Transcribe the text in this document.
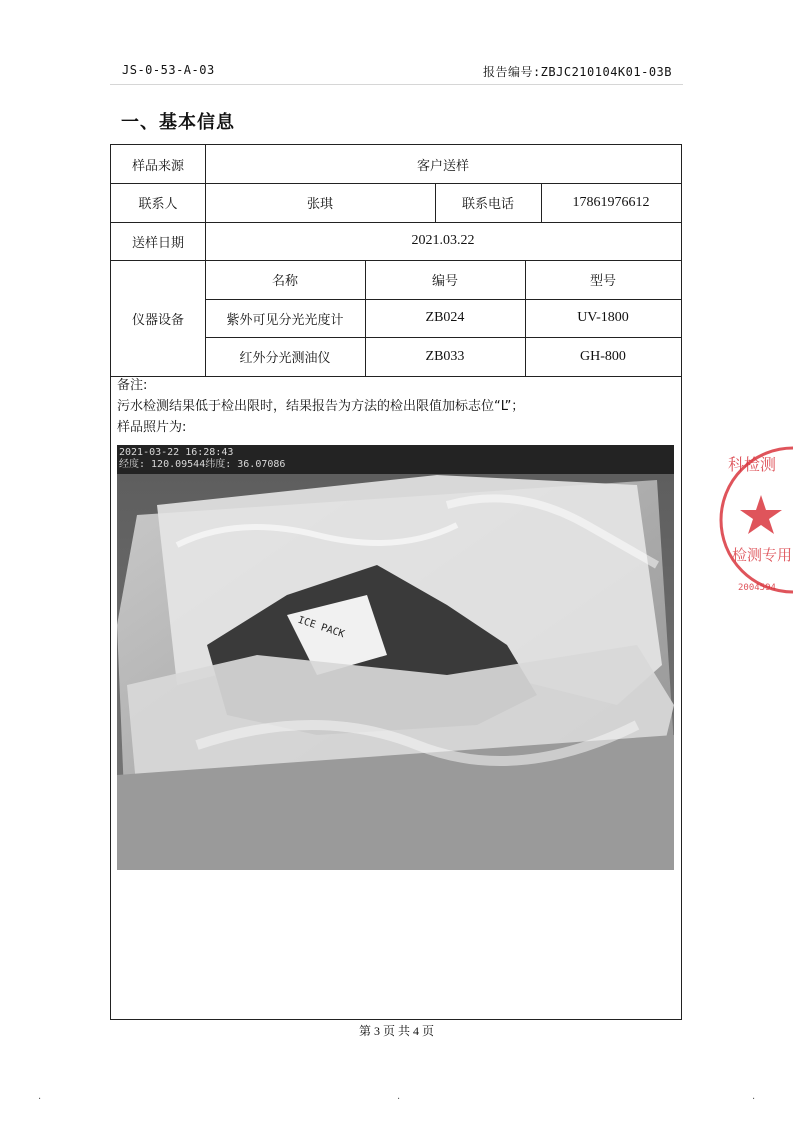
JS-0-53-A-03	报告编号:ZBJC210104K01-03B
一、基本信息
样品来源	客户送样
联系人	张琪	联系电话	17861976612
送样日期	2021.03.22
仪器设备
名称	编号	型号
紫外可见分光光度计	ZB024	UV-1800
红外分光测油仪	ZB033	GH-800
备注:
污水检测结果低于检出限时，结果报告为方法的检出限值加标志位“L”；
样品照片为:
ICE PACK
2021-03-22 16:28:43
经度: 120.09544纬度: 36.07086	科检测
检测专用
2004594
第 3 页 共 4 页
·	·	·
